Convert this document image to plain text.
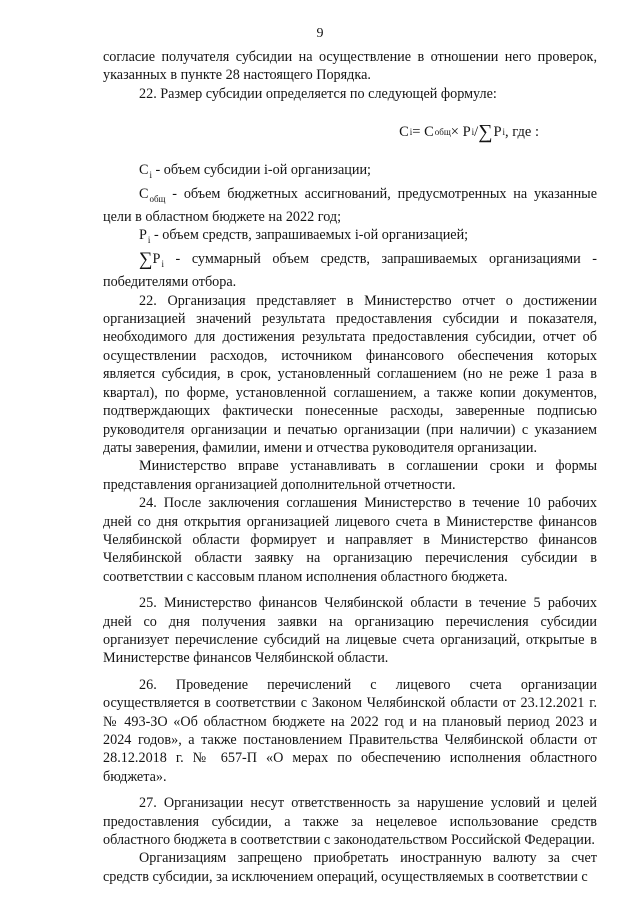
9

согласие получателя субсидии на осуществление в отношении него проверок, указанных в пункте 28 настоящего Порядка.

22. Размер субсидии определяется по следующей формуле:

C i = C общ × P i / ∑ P i , где :

$C_i$ - объем субсидии i-ой организации;

$C_{общ}$ - объем бюджетных ассигнований, предусмотренных на указанные цели в областном бюджете на 2022 год;

$P_i$ - объем средств, запрашиваемых i-ой организацией;

$\sum P_i$ - суммарный объем средств, запрашиваемых организациями - победителями отбора.

22. Организация представляет в Министерство отчет о достижении организацией значений результата предоставления субсидии и показателя, необходимого для достижения результата предоставления субсидии, отчет об осуществлении расходов, источником финансового обеспечения которых является субсидия, в срок, установленный соглашением (но не реже 1 раза в квартал), по форме, установленной соглашением, а также копии документов, подтверждающих фактически понесенные расходы, заверенные подписью руководителя организации и печатью организации (при наличии) с указанием даты заверения, фамилии, имени и отчества руководителя организации.

Министерство вправе устанавливать в соглашении сроки и формы представления организацией дополнительной отчетности.

24. После заключения соглашения Министерство в течение 10 рабочих дней со дня открытия организацией лицевого счета в Министерстве финансов Челябинской области формирует и направляет в Министерство финансов Челябинской области заявку на организацию перечисления субсидии в соответствии с кассовым планом исполнения областного бюджета.

25. Министерство финансов Челябинской области в течение 5 рабочих дней со дня получения заявки на организацию перечисления субсидии организует перечисление субсидий на лицевые счета организаций, открытые в Министерстве финансов Челябинской области.

26. Проведение перечислений с лицевого счета организации осуществляется в соответствии с Законом Челябинской области от 23.12.2021 г. № 493-ЗО «Об областном бюджете на 2022 год и на плановый период 2023 и 2024 годов», а также постановлением Правительства Челябинской области от 28.12.2018 г. № 657-П «О мерах по обеспечению исполнения областного бюджета».

27. Организации несут ответственность за нарушение условий и целей предоставления субсидии, а также за нецелевое использование средств областного бюджета в соответствии с законодательством Российской Федерации.

Организациям запрещено приобретать иностранную валюту за счет средств субсидии, за исключением операций, осуществляемых в соответствии с
